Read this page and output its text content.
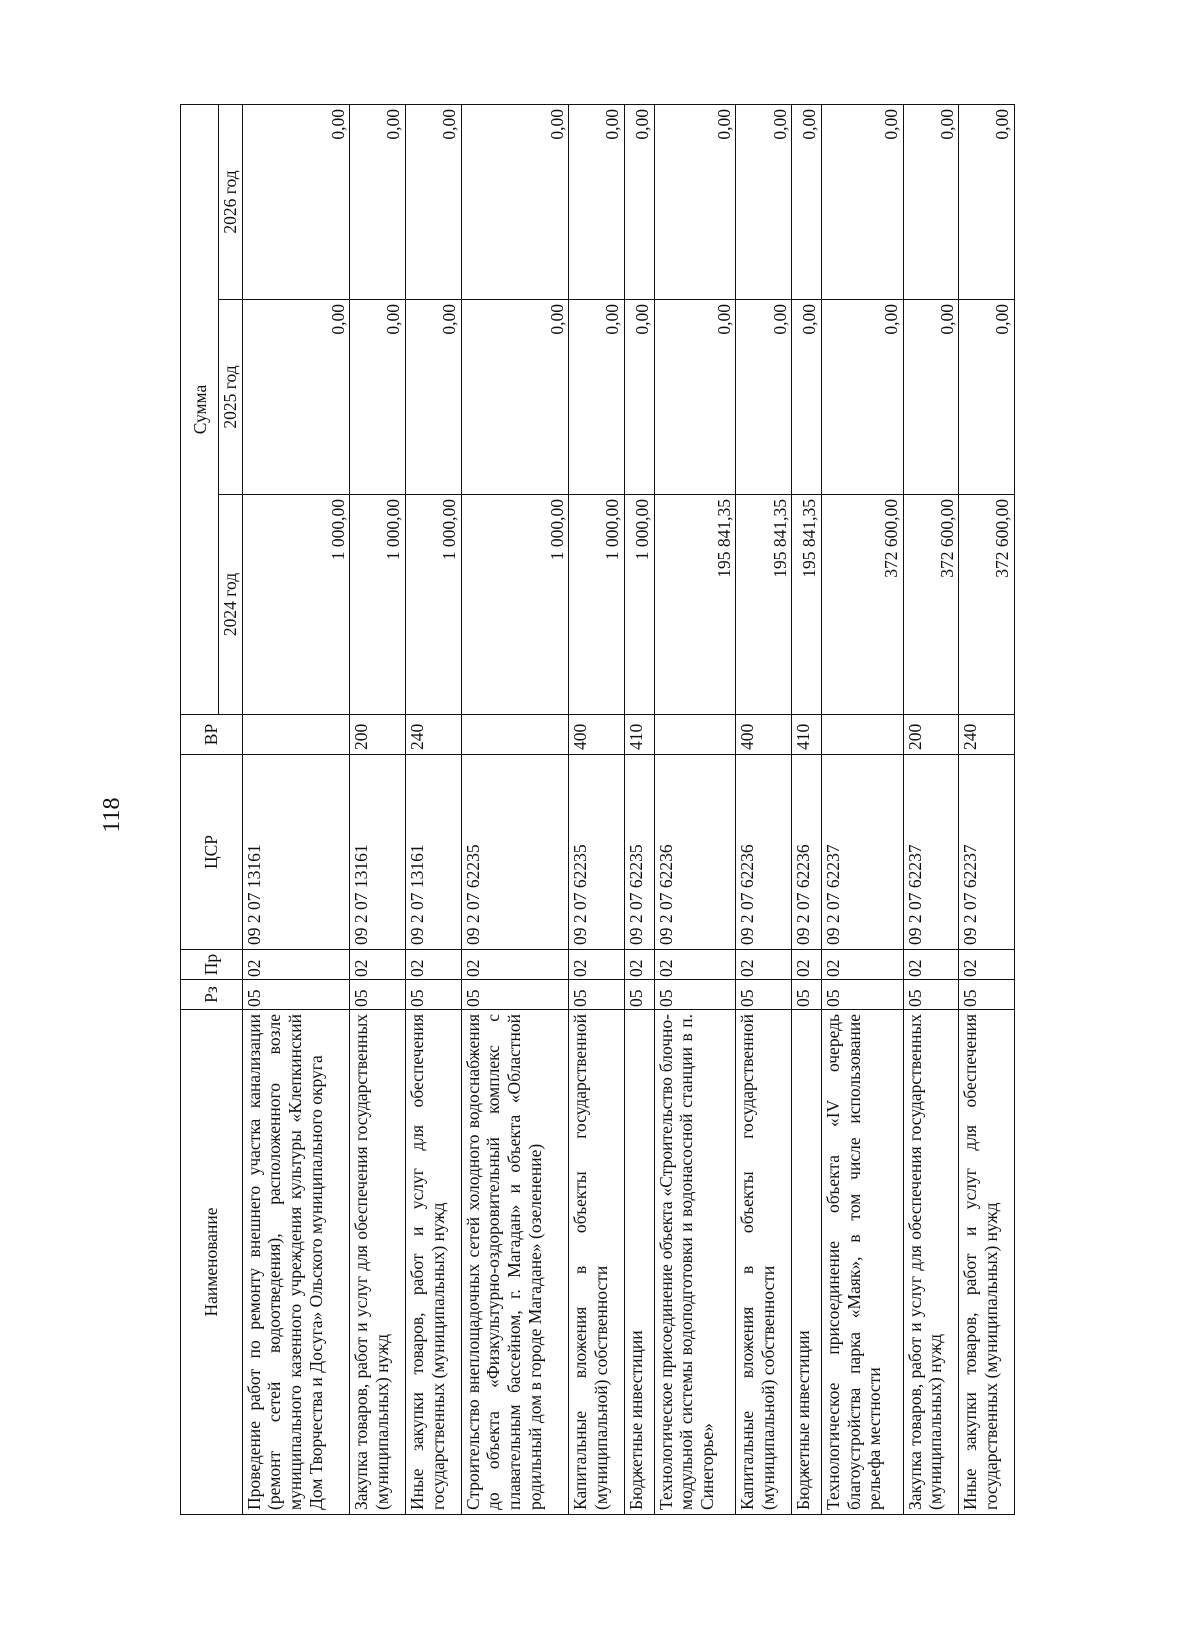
118
Наименование	Рз	Пр	ЦСР	ВР	Сумма		
					2024 год	2025 год	2026 год
Проведение работ по ремонту внешнего участка канализации (ремонт сетей водоотведения), расположенного возле муниципального казенного учреждения культуры «Клепкинский Дом Творчества и Досуга» Ольского муниципального округа	05	02	09 2 07 13161		1 000,00	0,00	0,00
Закупка товаров, работ и услуг для обеспечения государственных (муниципальных) нужд	05	02	09 2 07 13161	200	1 000,00	0,00	0,00
Иные закупки товаров, работ и услуг для обеспечения государственных (муниципальных) нужд	05	02	09 2 07 13161	240	1 000,00	0,00	0,00
Строительство внеплощадочных сетей холодного водоснабжения до объекта «Физкультурно-оздоровительный комплекс с плавательным бассейном, г. Магадан» и объекта «Областной родильный дом в городе Магадане» (озеленение)	05	02	09 2 07 62235		1 000,00	0,00	0,00
Капитальные вложения в объекты государственной (муниципальной) собственности	05	02	09 2 07 62235	400	1 000,00	0,00	0,00
Бюджетные инвестиции	05	02	09 2 07 62235	410	1 000,00	0,00	0,00
Технологическое присоединение объекта «Строительство блочно-модульной системы водоподготовки и водонасосной станции в п. Синегорье»	05	02	09 2 07 62236		195 841,35	0,00	0,00
Капитальные вложения в объекты государственной (муниципальной) собственности	05	02	09 2 07 62236	400	195 841,35	0,00	0,00
Бюджетные инвестиции	05	02	09 2 07 62236	410	195 841,35	0,00	0,00
Технологическое присоединение объекта «IV очередь благоустройства парка «Маяк», в том числе использование рельефа местности	05	02	09 2 07 62237		372 600,00	0,00	0,00
Закупка товаров, работ и услуг для обеспечения государственных (муниципальных) нужд	05	02	09 2 07 62237	200	372 600,00	0,00	0,00
Иные закупки товаров, работ и услуг для обеспечения государственных (муниципальных) нужд	05	02	09 2 07 62237	240	372 600,00	0,00	0,00
